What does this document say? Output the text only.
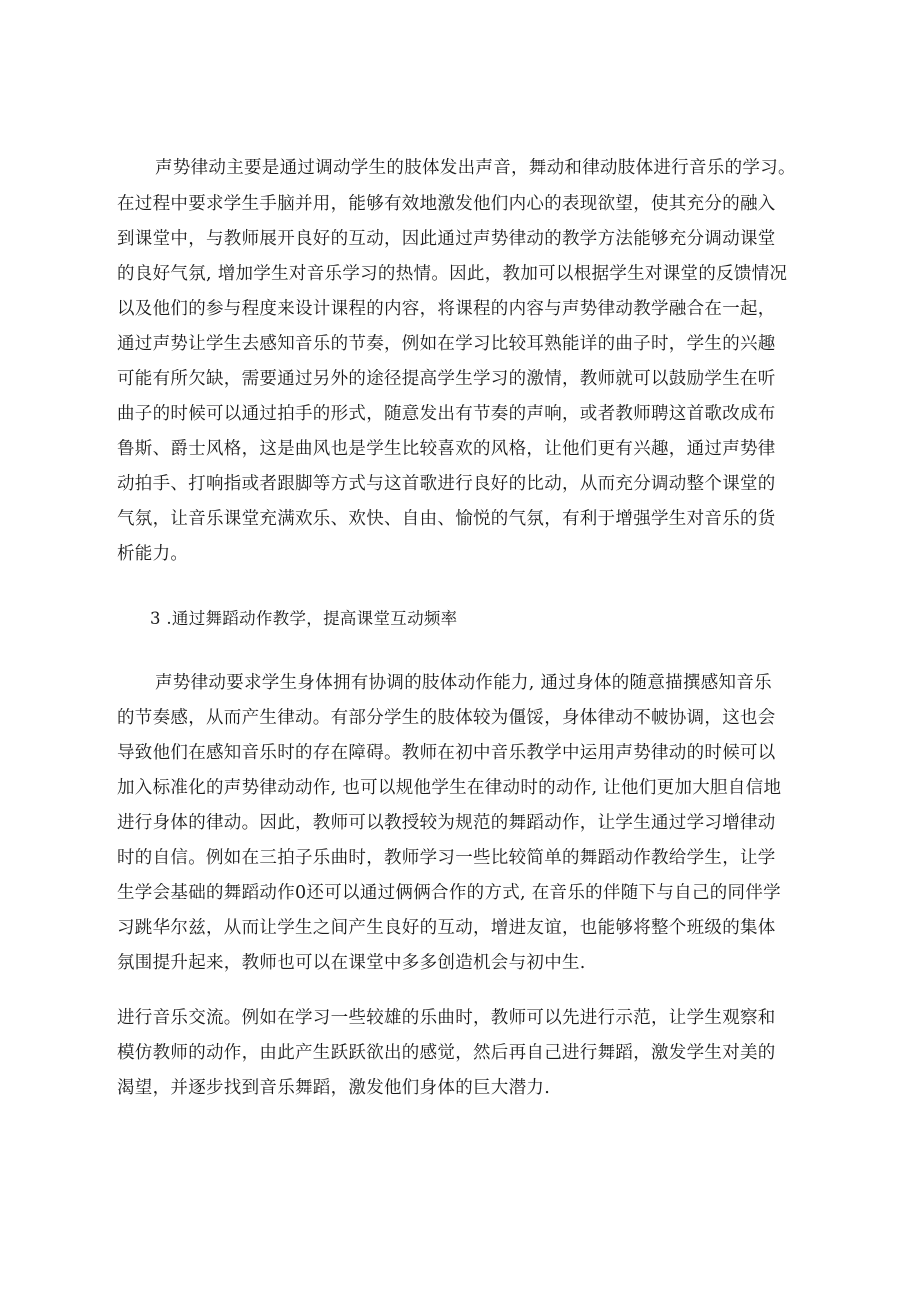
声势律动主要是通过调动学生的肢体发出声音，舞动和律动肢体进行音乐的学习。
在过程中要求学生手脑并用，能够有效地激发他们内心的表现欲望，使其充分的融入
到课堂中，与教师展开良好的互动，因此通过声势律动的教学方法能够充分调动课堂
的良好气氛, 增加学生对音乐学习的热情。因此，教加可以根据学生对课堂的反馈情况
以及他们的参与程度来设计课程的内容，将课程的内容与声势律动教学融合在一起，
通过声势让学生去感知音乐的节奏，例如在学习比较耳熟能详的曲子时，学生的兴趣
可能有所欠缺，需要通过另外的途径提高学生学习的激情，教师就可以鼓励学生在听
曲子的时候可以通过拍手的形式，随意发出有节奏的声响，或者教师聘这首歌改成布
鲁斯、爵士风格，这是曲风也是学生比较喜欢的风格，让他们更有兴趣，通过声势律
动拍手、打响指或者跟脚等方式与这首歌进行良好的比动，从而充分调动整个课堂的
气氛，让音乐课堂充满欢乐、欢快、自由、愉悦的气氛，有利于增强学生对音乐的货
析能力。
3 .通过舞蹈动作教学，提高课堂互动频率
声势律动要求学生身体拥有协调的肢体动作能力, 通过身体的随意描撰感知音乐
的节奏感，从而产生律动。有部分学生的肢体较为僵馁，身体律动不帔协调，这也会
导致他们在感知音乐时的存在障碍。教师在初中音乐教学中运用声势律动的时候可以
加入标准化的声势律动动作, 也可以规他学生在律动时的动作, 让他们更加大胆自信地
进行身体的律动。因此，教师可以教授较为规范的舞蹈动作，让学生通过学习增律动
时的自信。例如在三拍子乐曲时，教师学习一些比较简单的舞蹈动作教给学生，让学
生学会基础的舞蹈动作0还可以通过俩俩合作的方式, 在音乐的伴随下与自己的同伴学
习跳华尔兹，从而让学生之间产生良好的互动，增进友谊，也能够将整个班级的集体
氛围提升起来，教师也可以在课堂中多多创造机会与初中生.
进行音乐交流。例如在学习一些较雄的乐曲时，教师可以先进行示范，让学生观察和
模仿教师的动作，由此产生跃跃欲出的感觉，然后再自己进行舞蹈，激发学生对美的
渴望，并逐步找到音乐舞蹈，激发他们身体的巨大潜力.
